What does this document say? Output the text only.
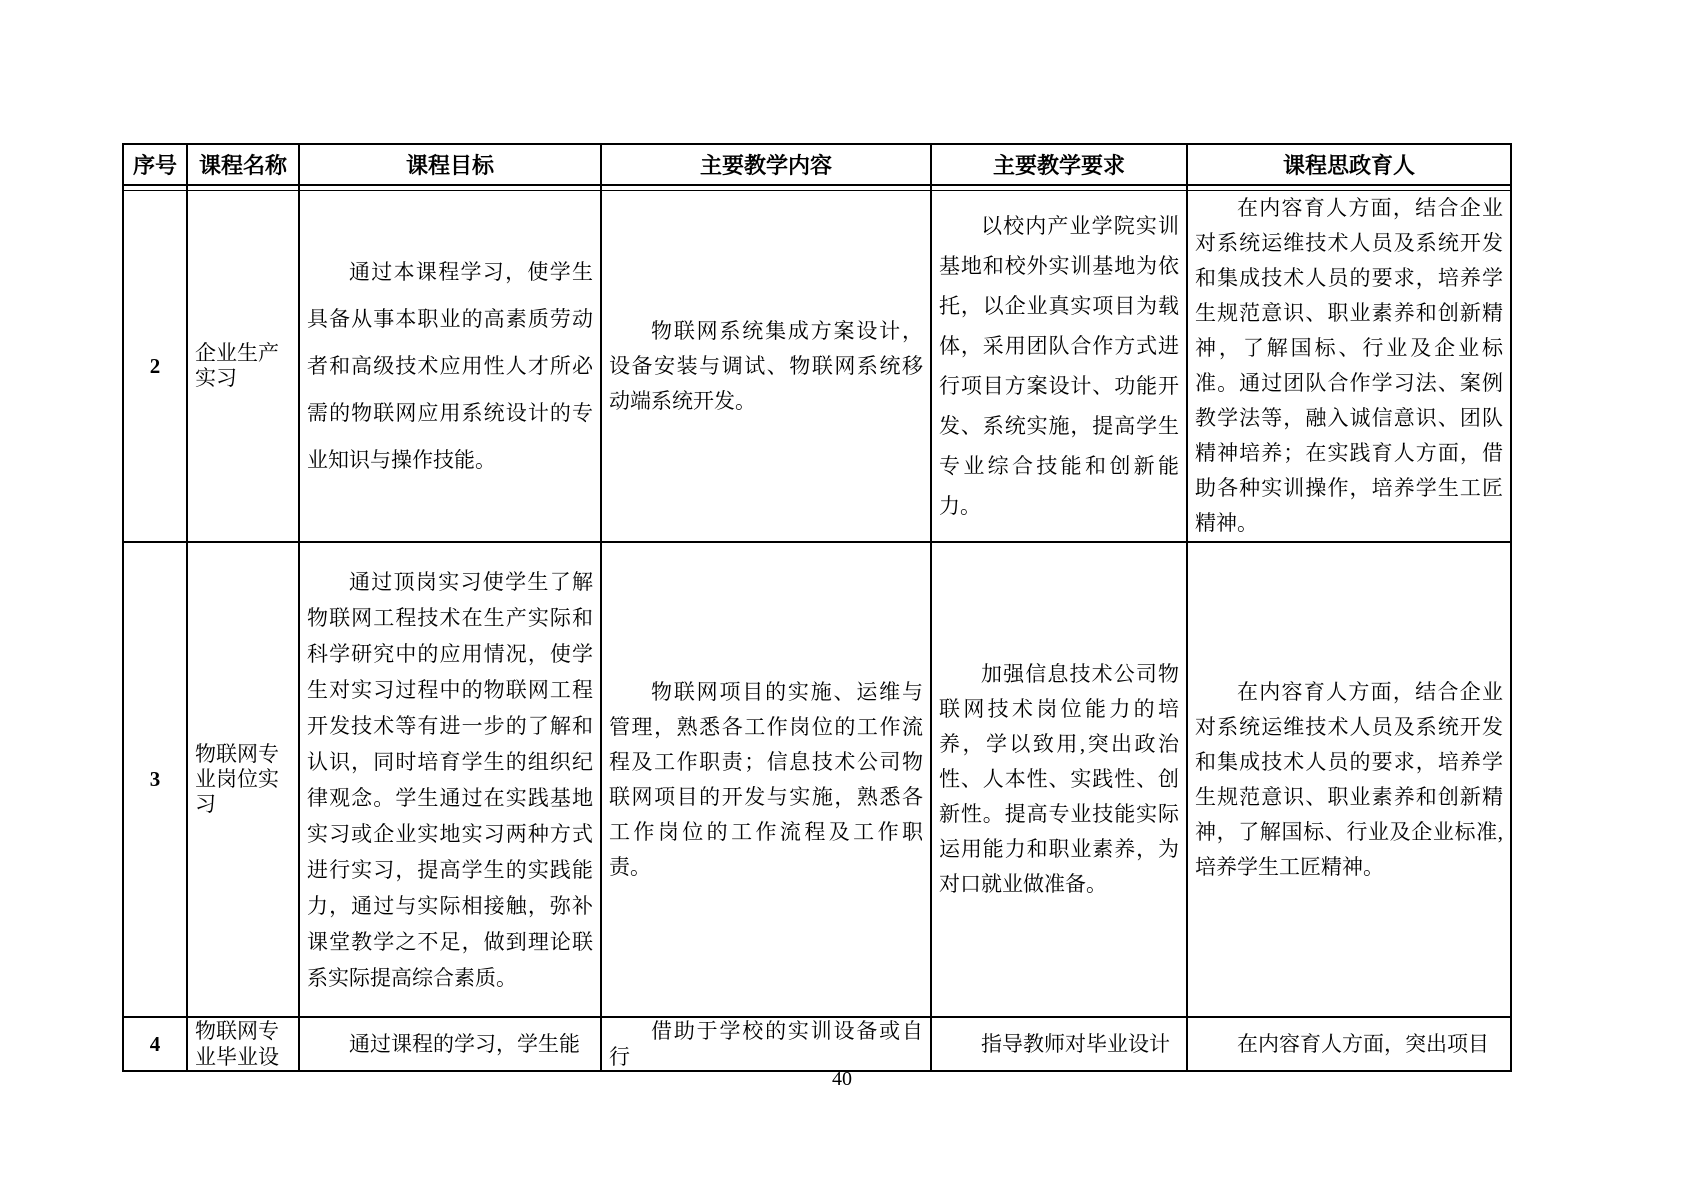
序号	课程名称	课程目标	主要教学内容	主要教学要求	课程思政育人

2	企业生产实习	通过本课程学习，使学生具备从事本职业的高素质劳动者和高级技术应用性人才所必需的物联网应用系统设计的专业知识与操作技能。	物联网系统集成方案设计，设备安装与调试、物联网系统移动端系统开发。	以校内产业学院实训基地和校外实训基地为依托，以企业真实项目为载体，采用团队合作方式进行项目方案设计、功能开发、系统实施，提高学生专业综合技能和创新能力。	在内容育人方面，结合企业对系统运维技术人员及系统开发和集成技术人员的要求，培养学生规范意识、职业素养和创新精神，了解国标、行业及企业标准。通过团队合作学习法、案例教学法等，融入诚信意识、团队精神培养；在实践育人方面，借助各种实训操作，培养学生工匠精神。

3	物联网专业岗位实习	通过顶岗实习使学生了解物联网工程技术在生产实际和科学研究中的应用情况，使学生对实习过程中的物联网工程开发技术等有进一步的了解和认识，同时培育学生的组织纪律观念。学生通过在实践基地实习或企业实地实习两种方式进行实习，提高学生的实践能力，通过与实际相接触，弥补课堂教学之不足，做到理论联系实际提高综合素质。	物联网项目的实施、运维与管理，熟悉各工作岗位的工作流程及工作职责；信息技术公司物联网项目的开发与实施，熟悉各工作岗位的工作流程及工作职责。	加强信息技术公司物联网技术岗位能力的培养，学以致用,突出政治性、人本性、实践性、创新性。提高专业技能实际运用能力和职业素养，为对口就业做准备。	在内容育人方面，结合企业对系统运维技术人员及系统开发和集成技术人员的要求，培养学生规范意识、职业素养和创新精神，了解国标、行业及企业标准,培养学生工匠精神。

4	物联网专业毕业设	通过课程的学习，学生能	借助于学校的实训设备或自行	指导教师对毕业设计	在内容育人方面，突出项目

40
